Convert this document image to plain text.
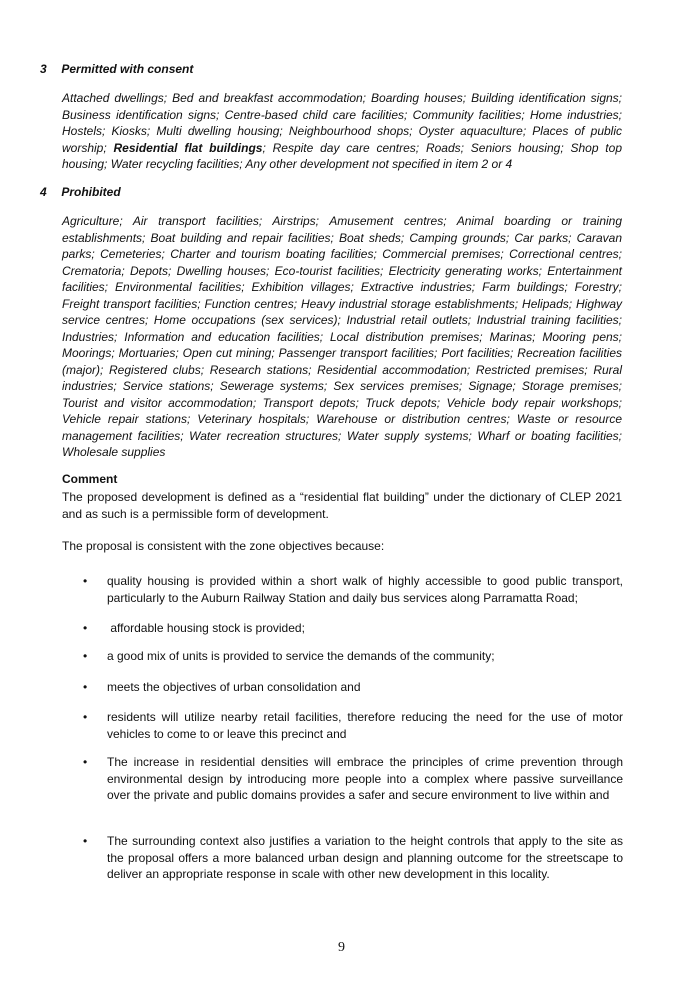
3 Permitted with consent

Attached dwellings; Bed and breakfast accommodation; Boarding houses; Building identification signs; Business identification signs; Centre-based child care facilities; Community facilities; Home industries; Hostels; Kiosks; Multi dwelling housing; Neighbourhood shops; Oyster aquaculture; Places of public worship; Residential flat buildings; Respite day care centres; Roads; Seniors housing; Shop top housing; Water recycling facilities; Any other development not specified in item 2 or 4

4 Prohibited

Agriculture; Air transport facilities; Airstrips; Amusement centres; Animal boarding or training establishments; Boat building and repair facilities; Boat sheds; Camping grounds; Car parks; Caravan parks; Cemeteries; Charter and tourism boating facilities; Commercial premises; Correctional centres; Crematoria; Depots; Dwelling houses; Eco-tourist facilities; Electricity generating works; Entertainment facilities; Environmental facilities; Exhibition villages; Extractive industries; Farm buildings; Forestry; Freight transport facilities; Function centres; Heavy industrial storage establishments; Helipads; Highway service centres; Home occupations (sex services); Industrial retail outlets; Industrial training facilities; Industries; Information and education facilities; Local distribution premises; Marinas; Mooring pens; Moorings; Mortuaries; Open cut mining; Passenger transport facilities; Port facilities; Recreation facilities (major); Registered clubs; Research stations; Residential accommodation; Restricted premises; Rural industries; Service stations; Sewerage systems; Sex services premises; Signage; Storage premises; Tourist and visitor accommodation; Transport depots; Truck depots; Vehicle body repair workshops; Vehicle repair stations; Veterinary hospitals; Warehouse or distribution centres; Waste or resource management facilities; Water recreation structures; Water supply systems; Wharf or boating facilities; Wholesale supplies

Comment

The proposed development is defined as a “residential flat building” under the dictionary of CLEP 2021 and as such is a permissible form of development.

The proposal is consistent with the zone objectives because:

•	quality housing is provided within a short walk of highly accessible to good public transport, particularly to the Auburn Railway Station and daily bus services along Parramatta Road;
•	affordable housing stock is provided;
•	a good mix of units is provided to service the demands of the community;
•	meets the objectives of urban consolidation and
•	residents will utilize nearby retail facilities, therefore reducing the need for the use of motor vehicles to come to or leave this precinct and
•	The increase in residential densities will embrace the principles of crime prevention through environmental design by introducing more people into a complex where passive surveillance over the private and public domains provides a safer and secure environment to live within and
•	The surrounding context also justifies a variation to the height controls that apply to the site as the proposal offers a more balanced urban design and planning outcome for the streetscape to deliver an appropriate response in scale with other new development in this locality.
9
